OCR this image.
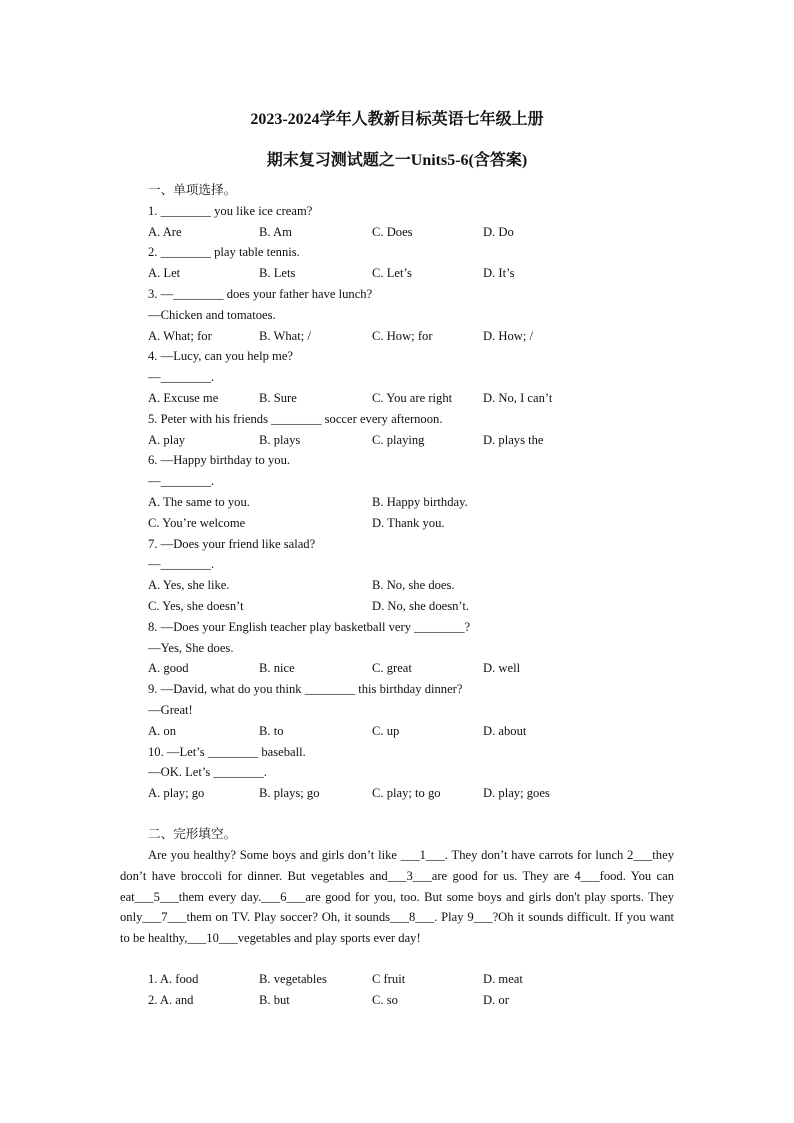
2023-2024学年人教新目标英语七年级上册
期末复习测试题之一Units5-6(含答案)
一、单项选择。
1. ________ you like ice cream?
A. Are	B. Am	C. Does	D. Do
2. ________ play table tennis.
A. Let	B. Lets	C. Let’s	D. It’s
3. —________ does your father have lunch?
—Chicken and tomatoes.
A. What; for	B. What; /	C. How; for	D. How; /
4. —Lucy, can you help me?
—________.
A. Excuse me	B. Sure	C. You are right D. No, I can’t
5. Peter with his friends ________ soccer every afternoon.
A. play	B. plays	C. playing	D. plays the
6. —Happy birthday to you.
—________.
A. The same to you.	B. Happy birthday.
C. You’re welcome	D. Thank you.
7. —Does your friend like salad?
—________.
A. Yes, she like.	B. No, she does.
C. Yes, she doesn’t	D. No, she doesn’t.
8. —Does your English teacher play basketball very ________?
—Yes, She does.
A. good	B. nice	C. great	D. well
9. —David, what do you think ________ this birthday dinner?
—Great!
A. on	B. to	C. up	D. about
10. —Let’s ________ baseball.
—OK. Let’s ________.
A. play; go	B. plays; go	C. play; to go	D. play; goes
二、完形填空。
Are you healthy? Some boys and girls don’t like ___1___. They don’t have carrots for lunch 2___they don’t have broccoli for dinner. But vegetables and___3___are good for us. They are 4___food. You can eat___5___them every day.___6___are good for you, too. But some boys and girls don't play sports. They only___7___them on TV. Play soccer? Oh, it sounds___8___. Play 9___?Oh it sounds difficult. If you want to be healthy,___10___vegetables and play sports ever day!
1. A. food	B. vegetables	C fruit	D. meat
2. A. and	B. but	C. so	D. or
